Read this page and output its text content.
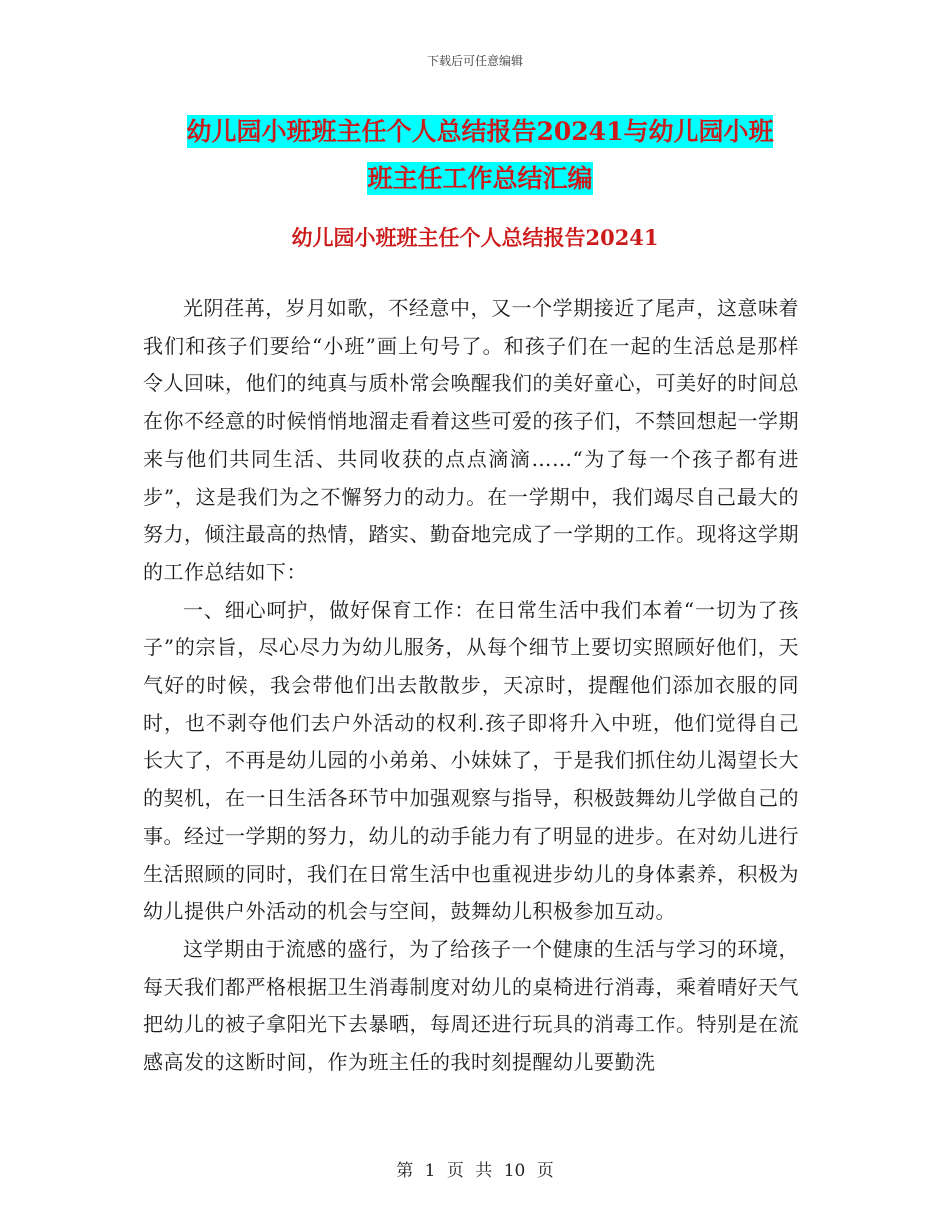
下载后可任意编辑
幼儿园小班班主任个人总结报告20241与幼儿园小班
班主任工作总结汇编
幼儿园小班班主任个人总结报告20241

光阴荏苒，岁月如歌，不经意中，又一个学期接近了尾声，这意味着我们和孩子们要给“小班”画上句号了。和孩子们在一起的生活总是那样令人回味，他们的纯真与质朴常会唤醒我们的美好童心，可美好的时间总在你不经意的时候悄悄地溜走看着这些可爱的孩子们，不禁回想起一学期来与他们共同生活、共同收获的点点滴滴……“为了每一个孩子都有进步”，这是我们为之不懈努力的动力。在一学期中，我们竭尽自己最大的努力，倾注最高的热情，踏实、勤奋地完成了一学期的工作。现将这学期的工作总结如下：

一、细心呵护，做好保育工作：在日常生活中我们本着“一切为了孩子”的宗旨，尽心尽力为幼儿服务，从每个细节上要切实照顾好他们，天气好的时候，我会带他们出去散散步，天凉时，提醒他们添加衣服的同时，也不剥夺他们去户外活动的权利.孩子即将升入中班，他们觉得自己长大了，不再是幼儿园的小弟弟、小妹妹了，于是我们抓住幼儿渴望长大的契机，在一日生活各环节中加强观察与指导，积极鼓舞幼儿学做自己的事。经过一学期的努力，幼儿的动手能力有了明显的进步。在对幼儿进行生活照顾的同时，我们在日常生活中也重视进步幼儿的身体素养，积极为幼儿提供户外活动的机会与空间，鼓舞幼儿积极参加互动。

这学期由于流感的盛行，为了给孩子一个健康的生活与学习的环境，每天我们都严格根据卫生消毒制度对幼儿的桌椅进行消毒，乘着晴好天气把幼儿的被子拿阳光下去暴晒，每周还进行玩具的消毒工作。特别是在流感高发的这断时间，作为班主任的我时刻提醒幼儿要勤洗

第 1 页 共 10 页
